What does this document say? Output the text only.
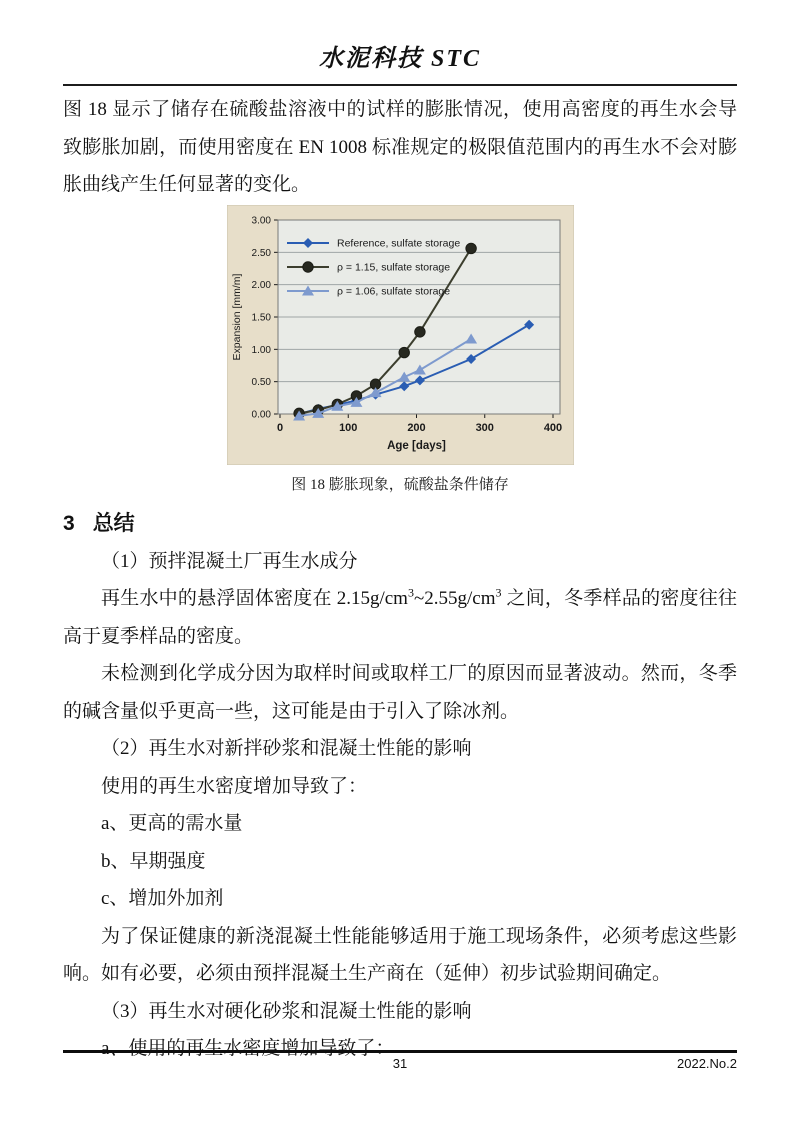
水泥科技 STC

图 18 显示了储存在硫酸盐溶液中的试样的膨胀情况，使用高密度的再生水会导致膨胀加剧，而使用密度在 EN 1008 标准规定的极限值范围内的再生水不会对膨胀曲线产生任何显著的变化。

0.00
0.50
1.00
1.50
2.00
2.50
3.00
0	100	200	300	400
Age [days]
Expansion [mm/m]
Reference, sulfate storage
ρ = 1.15, sulfate storage
ρ = 1.06, sulfate storage
图 18 膨胀现象，硫酸盐条件储存
3 总结

（1）预拌混凝土厂再生水成分

再生水中的悬浮固体密度在 $2.15g/cm^3\sim 2.55g/cm^3$ 之间，冬季样品的密度往往高于夏季样品的密度。

未检测到化学成分因为取样时间或取样工厂的原因而显著波动。然而，冬季的碱含量似乎更高一些，这可能是由于引入了除冰剂。

（2）再生水对新拌砂浆和混凝土性能的影响

使用的再生水密度增加导致了：

a、更高的需水量

b、早期强度

c、增加外加剂

为了保证健康的新浇混凝土性能能够适用于施工现场条件，必须考虑这些影响。如有必要，必须由预拌混凝土生产商在（延伸）初步试验期间确定。

（3）再生水对硬化砂浆和混凝土性能的影响

a、使用的再生水密度增加导致了：

31	2022.No.2
